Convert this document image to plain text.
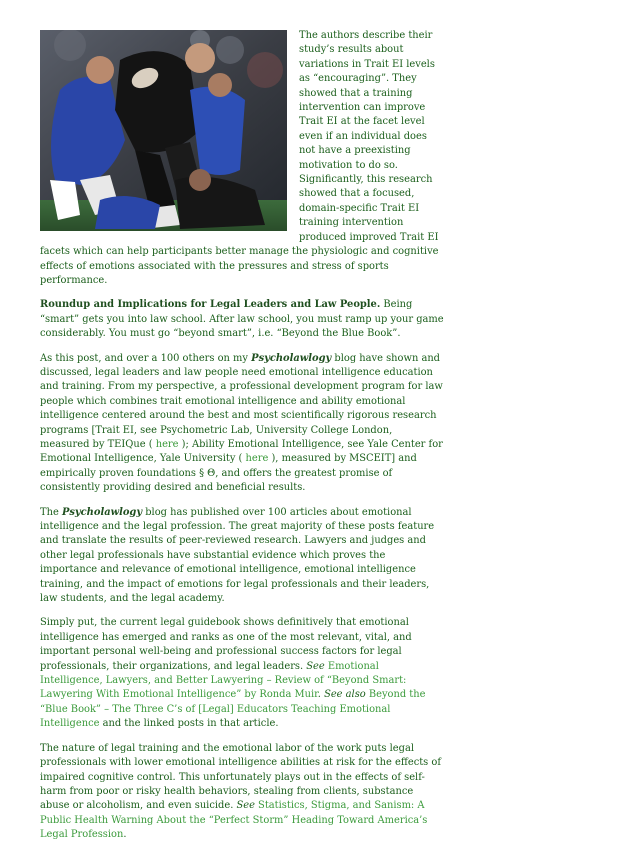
The authors describe their study’s results about variations in Trait EI levels as “encouraging”. They showed that a training intervention can improve Trait EI at the facet level even if an individual does not have a preexisting motivation to do so. Significantly, this research showed that a focused, domain-specific Trait EI training intervention produced improved Trait EI facets which can help participants better manage the physiologic and cognitive effects of emotions associated with the pressures and stress of sports performance.

Roundup and Implications for Legal Leaders and Law People. Being “smart” gets you into law school. After law school, you must ramp up your game considerably. You must go “beyond smart”, i.e. “Beyond the Blue Book”.

As this post, and over a 100 others on my Psycholawlogy blog have shown and discussed, legal leaders and law people need emotional intelligence education and training. From my perspective, a professional development program for law people which combines trait emotional intelligence and ability emotional intelligence centered around the best and most scientifically rigorous research programs [Trait EI, see Psychometric Lab, University College London, measured by TEIQue ( here ); Ability Emotional Intelligence, see Yale Center for Emotional Intelligence, Yale University ( here ), measured by MSCEIT] and empirically proven foundations § Θ, and offers the greatest promise of consistently providing desired and beneficial results.

The Psycholawlogy blog has published over 100 articles about emotional intelligence and the legal profession. The great majority of these posts feature and translate the results of peer-reviewed research. Lawyers and judges and other legal professionals have substantial evidence which proves the importance and relevance of emotional intelligence, emotional intelligence training, and the impact of emotions for legal professionals and their leaders, law students, and the legal academy.

Simply put, the current legal guidebook shows definitively that emotional intelligence has emerged and ranks as one of the most relevant, vital, and important personal well-being and professional success factors for legal professionals, their organizations, and legal leaders. See Emotional Intelligence, Lawyers, and Better Lawyering – Review of “Beyond Smart: Lawyering With Emotional Intelligence” by Ronda Muir. See also Beyond the “Blue Book” – The Three C’s of [Legal] Educators Teaching Emotional Intelligence and the linked posts in that article.

The nature of legal training and the emotional labor of the work puts legal professionals with lower emotional intelligence abilities at risk for the effects of impaired cognitive control. This unfortunately plays out in the effects of self-harm from poor or risky health behaviors, stealing from clients, substance abuse or alcoholism, and even suicide. See Statistics, Stigma, and Sanism: A Public Health Warning About the “Perfect Storm” Heading Toward America’s Legal Profession.
